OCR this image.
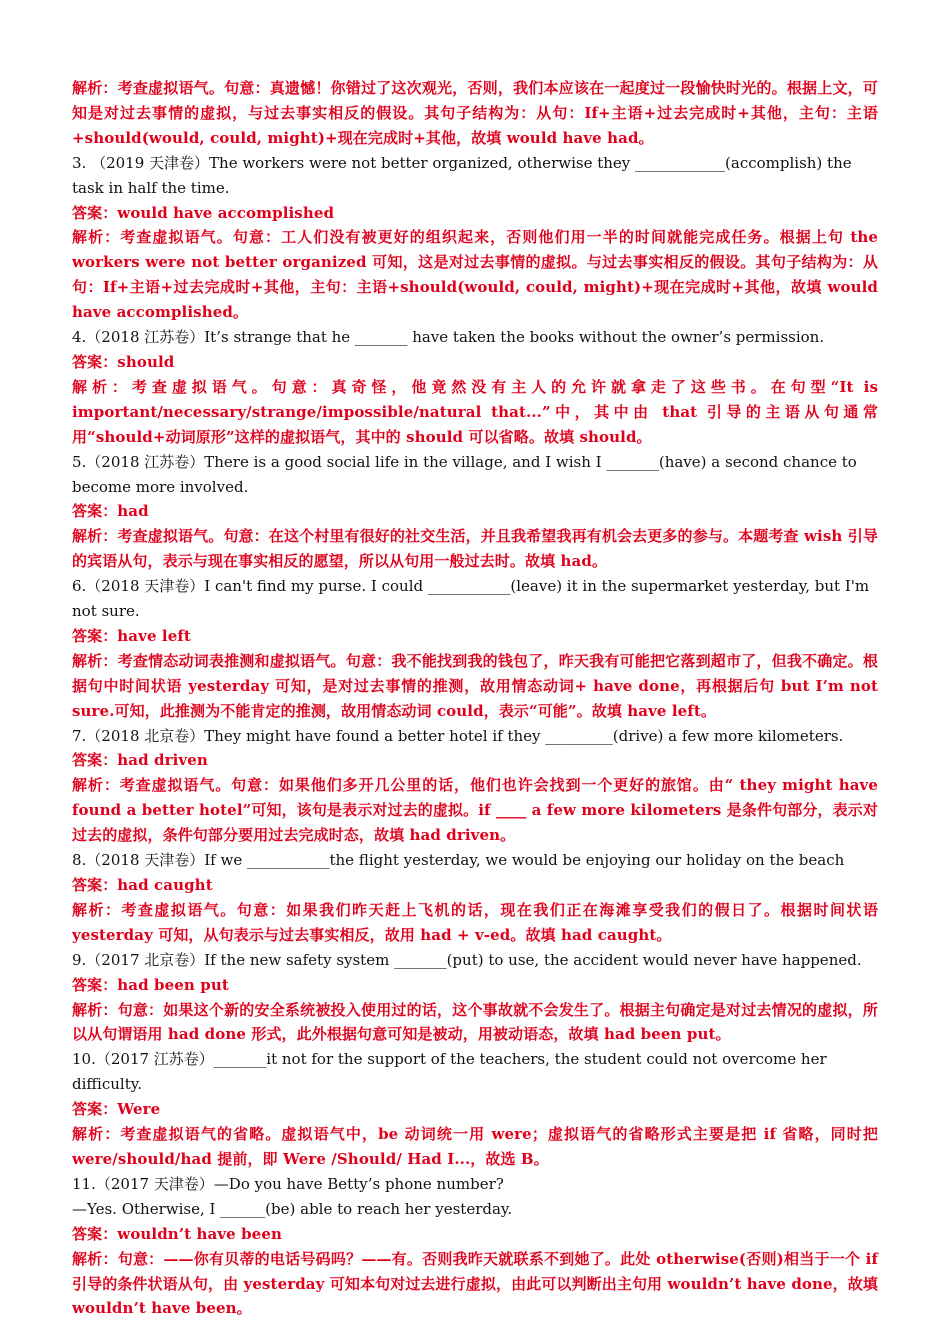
解析：考查虚拟语气。句意：真遗憾！你错过了这次观光，否则，我们本应该在一起度过一段愉快时光的。根据上文，可知是对过去事情的虚拟，与过去事实相反的假设。其句子结构为：从句：If+主语+过去完成时+其他，主句：主语+should(would, could, might)+现在完成时+其他，故填 would have had。

3. （2019 天津卷）The workers were not better organized, otherwise they ____________(accomplish) the task in half the time.

答案：would have accomplished

解析：考查虚拟语气。句意：工人们没有被更好的组织起来，否则他们用一半的时间就能完成任务。根据上句 the workers were not better organized 可知，这是对过去事情的虚拟。与过去事实相反的假设。其句子结构为：从句：If+主语+过去完成时+其他，主句：主语+should(would, could, might)+现在完成时+其他，故填 would have accomplished。

4.（2018 江苏卷）It’s strange that he _______ have taken the books without the owner’s permission.

答案：should

解析：考查虚拟语气。句意：真奇怪，他竟然没有主人的允许就拿走了这些书。在句型“It is important/necessary/strange/impossible/natural that...”中，其中由 that 引导的主语从句通常用“should+动词原形”这样的虚拟语气，其中的 should 可以省略。故填 should。

5.（2018 江苏卷）There is a good social life in the village, and I wish I _______(have) a second chance to become more involved.

答案：had

解析：考查虚拟语气。句意：在这个村里有很好的社交生活，并且我希望我再有机会去更多的参与。本题考查 wish 引导的宾语从句，表示与现在事实相反的愿望，所以从句用一般过去时。故填 had。

6.（2018 天津卷）I can't find my purse. I could ___________(leave) it in the supermarket yesterday, but I'm not sure.

答案：have left

解析：考查情态动词表推测和虚拟语气。句意：我不能找到我的钱包了，昨天我有可能把它落到超市了，但我不确定。根据句中时间状语 yesterday 可知，是对过去事情的推测，故用情态动词+ have done，再根据后句 but I’m not sure.可知，此推测为不能肯定的推测，故用情态动词 could，表示“可能”。故填 have left。

7.（2018 北京卷）They might have found a better hotel if they _________(drive) a few more kilometers.

答案：had driven

解析：考查虚拟语气。句意：如果他们多开几公里的话，他们也许会找到一个更好的旅馆。由“ they might have found a better hotel”可知，该句是表示对过去的虚拟。if ____ a few more kilometers 是条件句部分，表示对过去的虚拟，条件句部分要用过去完成时态，故填 had driven。

8.（2018 天津卷）If we ___________the flight yesterday, we would be enjoying our holiday on the beach

答案：had caught

解析：考查虚拟语气。句意：如果我们昨天赶上飞机的话，现在我们正在海滩享受我们的假日了。根据时间状语 yesterday 可知，从句表示与过去事实相反，故用 had + v-ed。故填 had caught。

9.（2017 北京卷）If the new safety system _______(put) to use, the accident would never have happened.

答案：had been put

解析：句意：如果这个新的安全系统被投入使用过的话，这个事故就不会发生了。根据主句确定是对过去情况的虚拟，所以从句谓语用 had done 形式，此外根据句意可知是被动，用被动语态，故填 had been put。

10.（2017 江苏卷）_______it not for the support of the teachers, the student could not overcome her difficulty.

答案：Were

解析：考查虚拟语气的省略。虚拟语气中，be 动词统一用 were；虚拟语气的省略形式主要是把 if 省略，同时把 were/should/had 提前，即 Were /Should/ Had I...，故选 B。

11.（2017 天津卷）—Do you have Betty’s phone number?

—Yes. Otherwise, I ______(be) able to reach her yesterday.

答案：wouldn’t have been

解析：句意：——你有贝蒂的电话号码吗？——有。否则我昨天就联系不到她了。此处 otherwise(否则)相当于一个 if 引导的条件状语从句，由 yesterday 可知本句对过去进行虚拟，由此可以判断出主句用 wouldn’t have done，故填 wouldn’t have been。
